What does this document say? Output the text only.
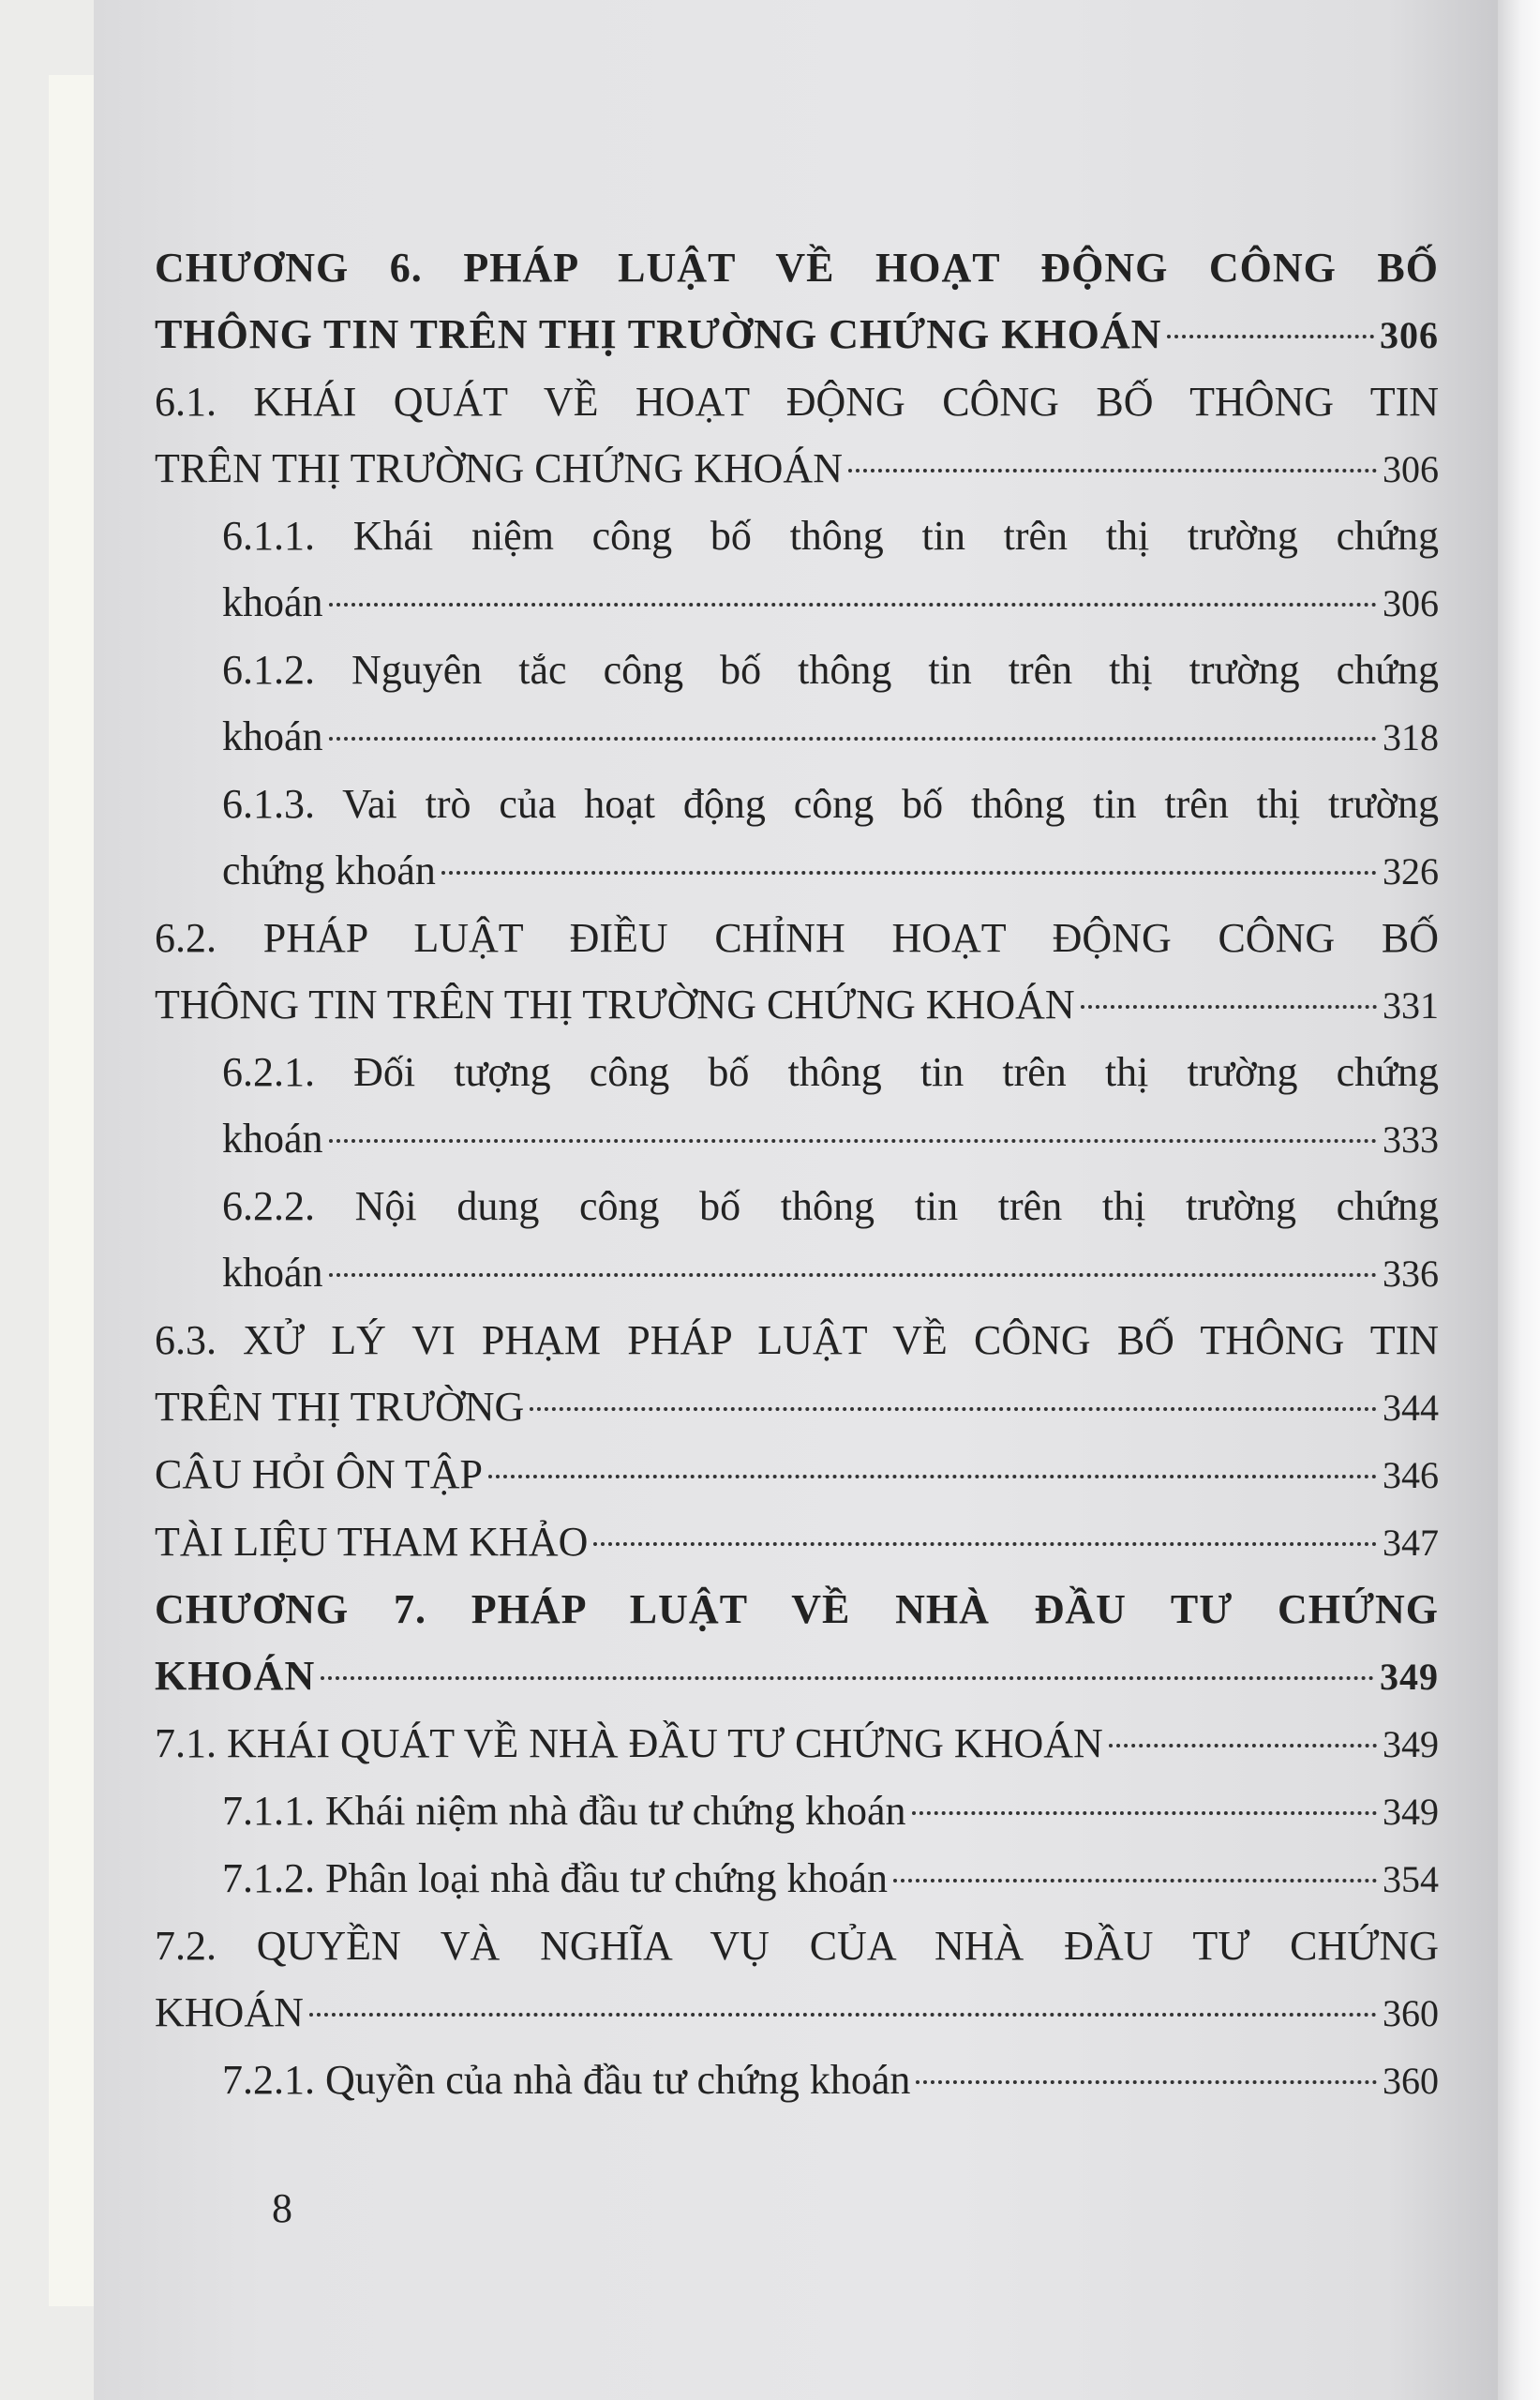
CHƯƠNG 6. PHÁP LUẬT VỀ HOẠT ĐỘNG CÔNG BỐ
THÔNG TIN TRÊN THỊ TRƯỜNG CHỨNG KHOÁN	306
6.1. KHÁI QUÁT VỀ HOẠT ĐỘNG CÔNG BỐ THÔNG TIN
TRÊN THỊ TRƯỜNG CHỨNG KHOÁN	306
6.1.1. Khái niệm công bố thông tin trên thị trường chứng
khoán	306
6.1.2. Nguyên tắc công bố thông tin trên thị trường chứng
khoán	318
6.1.3. Vai trò của hoạt động công bố thông tin trên thị trường
chứng khoán	326
6.2. PHÁP LUẬT ĐIỀU CHỈNH HOẠT ĐỘNG CÔNG BỐ
THÔNG TIN TRÊN THỊ TRƯỜNG CHỨNG KHOÁN	331
6.2.1. Đối tượng công bố thông tin trên thị trường chứng
khoán	333
6.2.2. Nội dung công bố thông tin trên thị trường chứng
khoán	336
6.3. XỬ LÝ VI PHẠM PHÁP LUẬT VỀ CÔNG BỐ THÔNG TIN
TRÊN THỊ TRƯỜNG	344
CÂU HỎI ÔN TẬP	346
TÀI LIỆU THAM KHẢO	347
CHƯƠNG 7. PHÁP LUẬT VỀ NHÀ ĐẦU TƯ CHỨNG
KHOÁN	349
7.1. KHÁI QUÁT VỀ NHÀ ĐẦU TƯ CHỨNG KHOÁN	349
7.1.1. Khái niệm nhà đầu tư chứng khoán	349
7.1.2. Phân loại nhà đầu tư chứng khoán	354
7.2. QUYỀN VÀ NGHĨA VỤ CỦA NHÀ ĐẦU TƯ CHỨNG
KHOÁN	360
7.2.1. Quyền của nhà đầu tư chứng khoán	360
8
